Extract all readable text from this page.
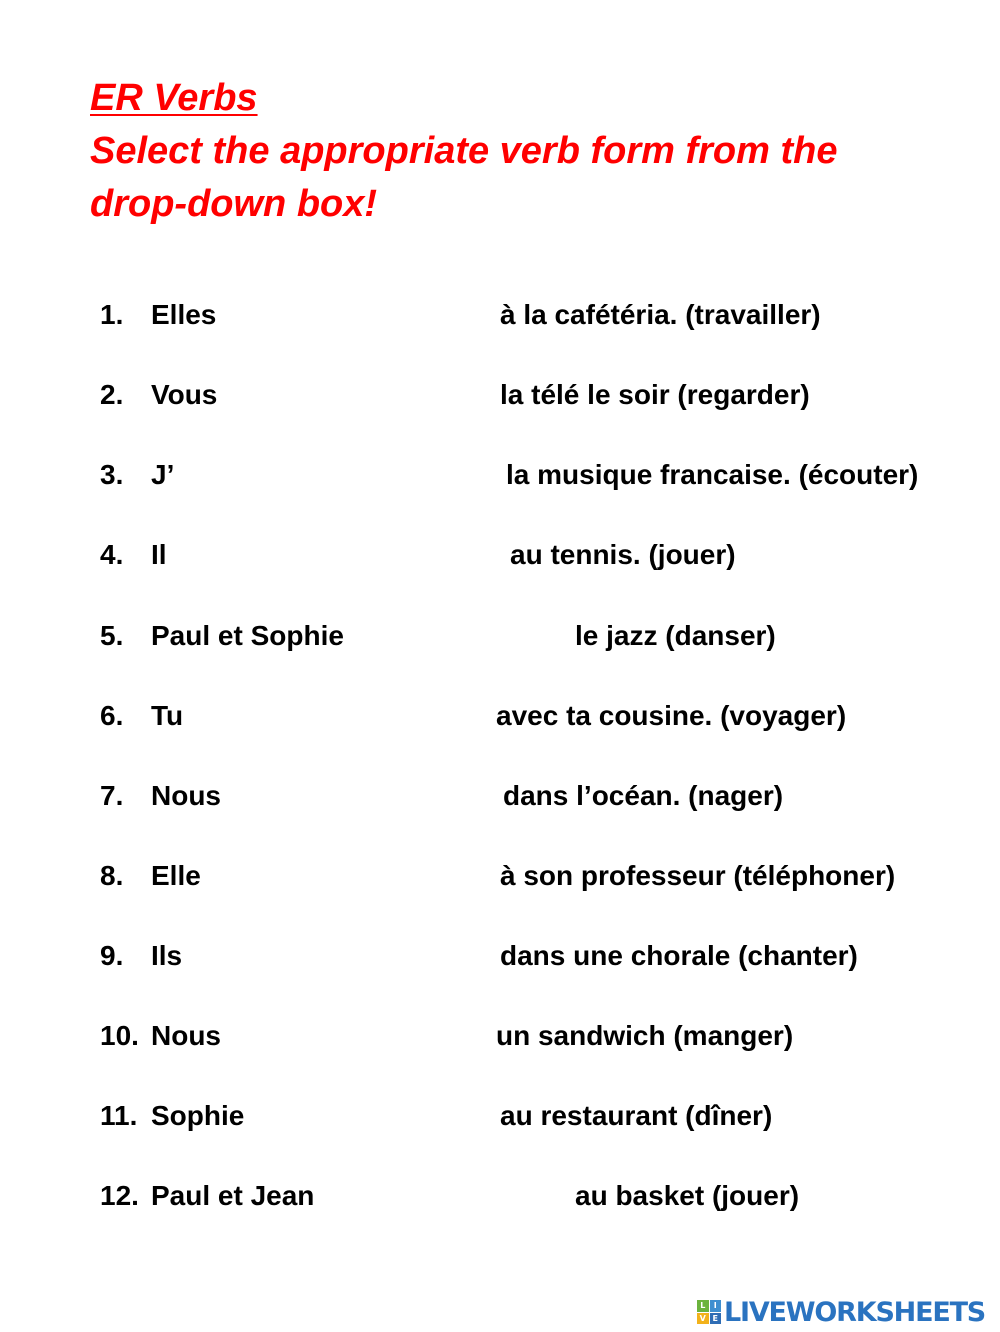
ER Verbs
Select the appropriate verb form from the
drop-down box!
1. Elles	à la cafétéria. (travailler)
2. Vous	la télé le soir (regarder)
3. J’	la musique francaise. (écouter)
4. Il	au tennis. (jouer)
5. Paul et Sophie	le jazz (danser)
6. Tu	avec ta cousine. (voyager)
7. Nous	dans l’océan. (nager)
8. Elle	à son professeur (téléphoner)
9. Ils	dans une chorale (chanter)
10. Nous	un sandwich (manger)
11. Sophie	au restaurant (dîner)
12. Paul et Jean	au basket (jouer)
L	I
V E LIVEWORKSHEETS
